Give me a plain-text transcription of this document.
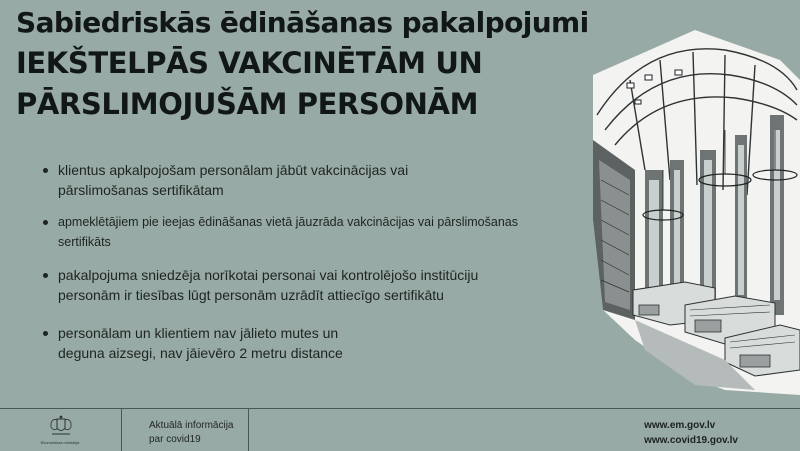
Sabiedriskās ēdināšanas pakalpojumi
IEKŠTELPĀS VAKCINĒTĀM UN
PĀRSLIMOJUŠĀM PERSONĀM
klientus apkalpojošam personālam jābūt vakcinācijas vai
pārslimošanas sertifikātam
apmeklētājiem pie ieejas ēdināšanas vietā jāuzrāda vakcinācijas vai pārslimošanas
sertifikāts
pakalpojuma sniedzēja norīkotai personai vai kontrolējošo institūciju
personām ir tiesības lūgt personām uzrādīt attiecīgo sertifikātu
personālam un klientiem nav jālieto mutes un
deguna aizsegi, nav jāievēro 2 metru distance
Ekonomikas ministrija
Aktuālā informācija
par covid19
www.em.gov.lv
www.covid19.gov.lv
